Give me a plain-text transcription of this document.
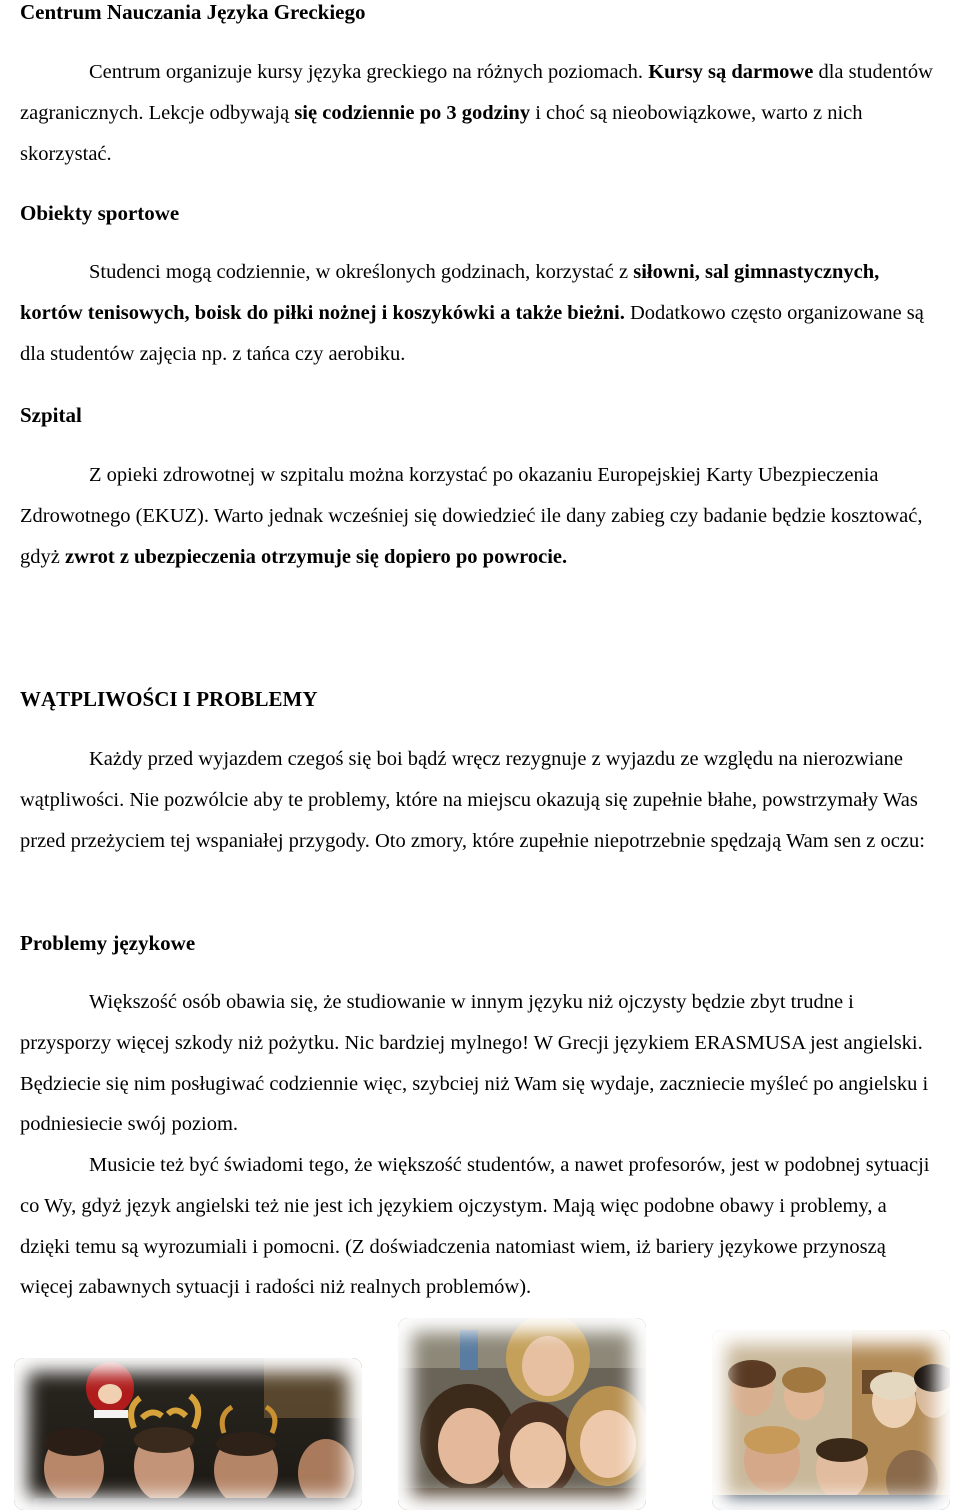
Centrum Nauczania Języka Greckiego

Centrum organizuje kursy języka greckiego na różnych poziomach. Kursy są darmowe dla studentów zagranicznych. Lekcje odbywają się codziennie po 3 godziny i choć są nieobowiązkowe, warto z nich skorzystać.

Obiekty sportowe

Studenci mogą codziennie, w określonych godzinach, korzystać z siłowni, sal gimnastycznych, kortów tenisowych, boisk do piłki nożnej i koszykówki a także bieżni. Dodatkowo często organizowane są dla studentów zajęcia np. z tańca czy aerobiku.

Szpital

Z opieki zdrowotnej w szpitalu można korzystać po okazaniu Europejskiej Karty Ubezpieczenia Zdrowotnego (EKUZ). Warto jednak wcześniej się dowiedzieć ile dany zabieg czy badanie będzie kosztować, gdyż zwrot z ubezpieczenia otrzymuje się dopiero po powrocie.

WĄTPLIWOŚCI I PROBLEMY

Każdy przed wyjazdem czegoś się boi bądź wręcz rezygnuje z wyjazdu ze względu na nierozwiane wątpliwości. Nie pozwólcie aby te problemy, które na miejscu okazują się zupełnie błahe, powstrzymały Was przed przeżyciem tej wspaniałej przygody. Oto zmory, które zupełnie niepotrzebnie spędzają Wam sen z oczu:

Problemy językowe

Większość osób obawia się, że studiowanie w innym języku niż ojczysty będzie zbyt trudne i przysporzy więcej szkody niż pożytku. Nic bardziej mylnego! W Grecji językiem ERASMUSA jest angielski. Będziecie się nim posługiwać codziennie więc, szybciej niż Wam się wydaje, zaczniecie myśleć po angielsku i podniesiecie swój poziom.

Musicie też być świadomi tego, że większość studentów, a nawet profesorów, jest w podobnej sytuacji co Wy, gdyż język angielski też nie jest ich językiem ojczystym. Mają więc podobne obawy i problemy, a dzięki temu są wyrozumiali i pomocni. (Z doświadczenia natomiast wiem, iż bariery językowe przynoszą więcej zabawnych sytuacji i radości niż realnych problemów).
